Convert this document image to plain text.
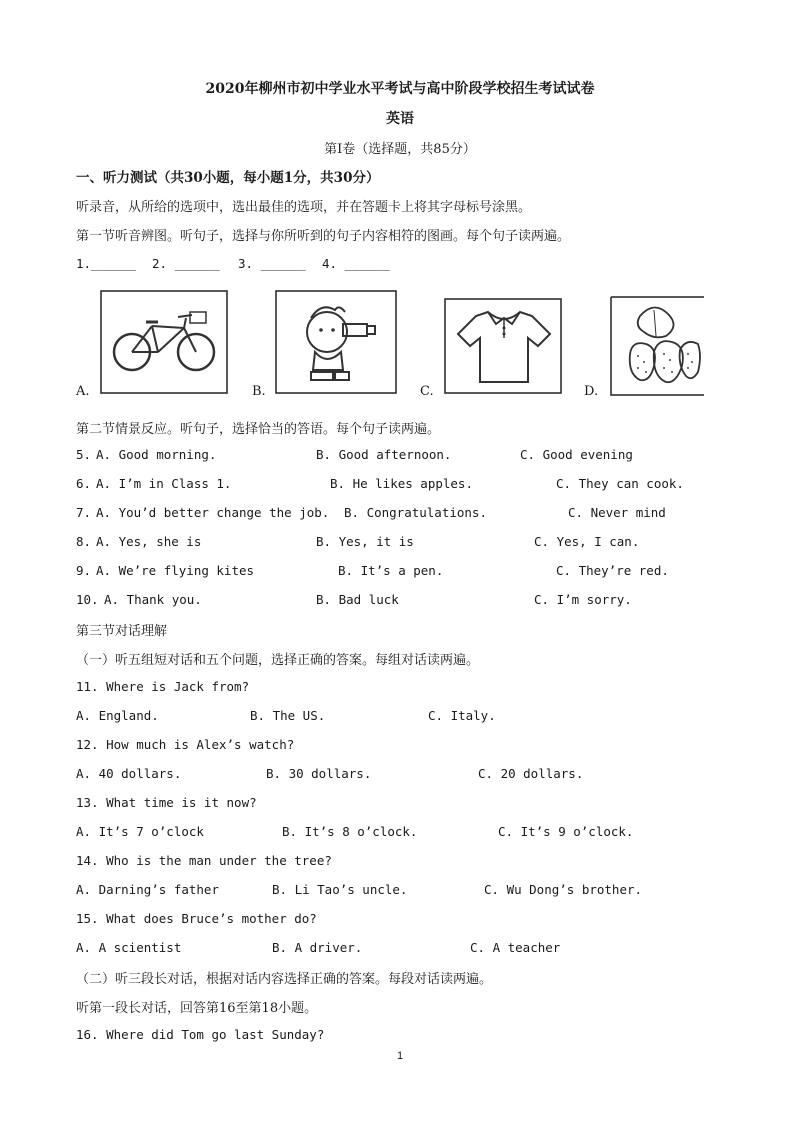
2020年柳州市初中学业水平考试与高中阶段学校招生考试试卷
英语
第Ⅰ卷（选择题，共85分）
一、听力测试（共30小题，每小题1分，共30分）
听录音，从所给的选项中，选出最佳的选项，并在答题卡上将其字母标号涂黑。
第一节听音辨图。听句子，选择与你所听到的句子内容相符的图画。每个句子读两遍。
1.______ 2. ______ 3. ______ 4. ______
A.	B.	C.	D.
第二节情景反应。听句子，选择恰当的答语。每个句子读两遍。
5. A. Good morning.	B. Good afternoon.	C. Good evening
6. A. I’m in Class 1.	B. He likes apples.	C. They can cook.
7. A. You’d better change the job. B. Congratulations.	C. Never mind
8. A. Yes, she is	B. Yes, it is	C. Yes, I can.
9. A. We’re flying kites	B. It’s a pen.	C. They’re red.
10. A. Thank you.	B. Bad luck	C. I’m sorry.
第三节对话理解
（一）听五组短对话和五个问题，选择正确的答案。每组对话读两遍。
11. Where is Jack from?
A. England.	B. The US.	C. Italy.
12. How much is Alex’s watch?
A. 40 dollars.	B. 30 dollars.	C. 20 dollars.
13. What time is it now?
A. It’s 7 o’clock	B. It’s 8 o’clock.	C. It’s 9 o’clock.
14. Who is the man under the tree?
A. Darning’s father	B. Li Tao’s uncle.	C. Wu Dong’s brother.
15. What does Bruce’s mother do?
A. A scientist	B. A driver.	C. A teacher
（二）听三段长对话，根据对话内容选择正确的答案。每段对话读两遍。
听第一段长对话，回答第16至第18小题。
16. Where did Tom go last Sunday?
1
